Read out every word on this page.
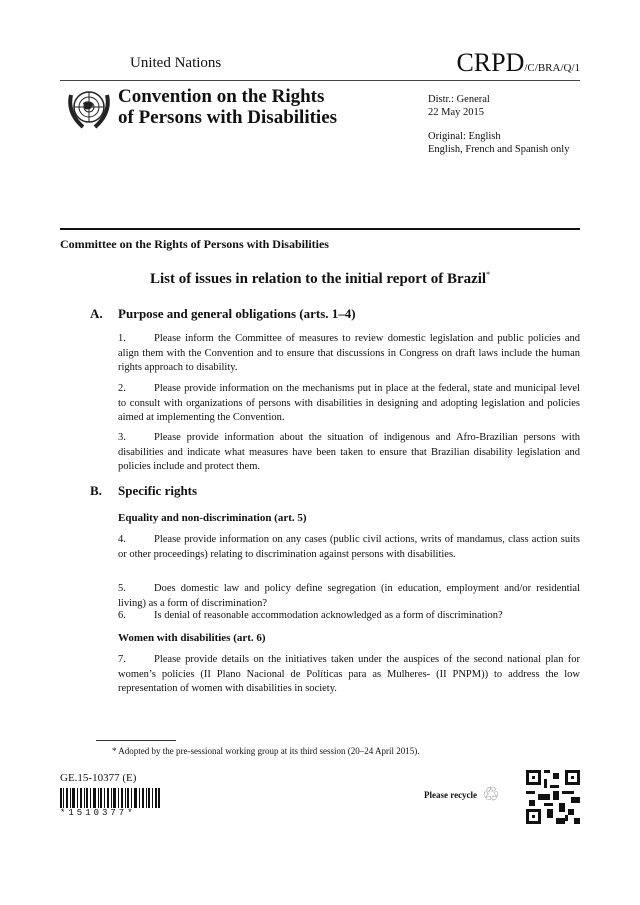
United Nations	CRPD/C/BRA/Q/1
Convention on the Rights
of Persons with Disabilities
Distr.: General
22 May 2015
Original: English
English, French and Spanish only
Committee on the Rights of Persons with Disabilities
List of issues in relation to the initial report of Brazil*
A. Purpose and general obligations (arts. 1–4)
1.	Please inform the Committee of measures to review domestic legislation and public policies and align them with the Convention and to ensure that discussions in Congress on draft laws include the human rights approach to disability.
2.	Please provide information on the mechanisms put in place at the federal, state and municipal level to consult with organizations of persons with disabilities in designing and adopting legislation and policies aimed at implementing the Convention.
3.	Please provide information about the situation of indigenous and Afro-Brazilian persons with disabilities and indicate what measures have been taken to ensure that Brazilian disability legislation and policies include and protect them.
B. Specific rights
Equality and non-discrimination (art. 5)
4.	Please provide information on any cases (public civil actions, writs of mandamus, class action suits or other proceedings) relating to discrimination against persons with disabilities.
5.	Does domestic law and policy define segregation (in education, employment and/or residential living) as a form of discrimination?
6.	Is denial of reasonable accommodation acknowledged as a form of discrimination?
Women with disabilities (art. 6)
7.	Please provide details on the initiatives taken under the auspices of the second national plan for women’s policies (II Plano Nacional de Políticas para as Mulheres- (II PNPM)) to address the low representation of women with disabilities in society.
* Adopted by the pre-sessional working group at its third session (20–24 April 2015).
GE.15-10377 (E)
*1510377*
Please recycle ♲
